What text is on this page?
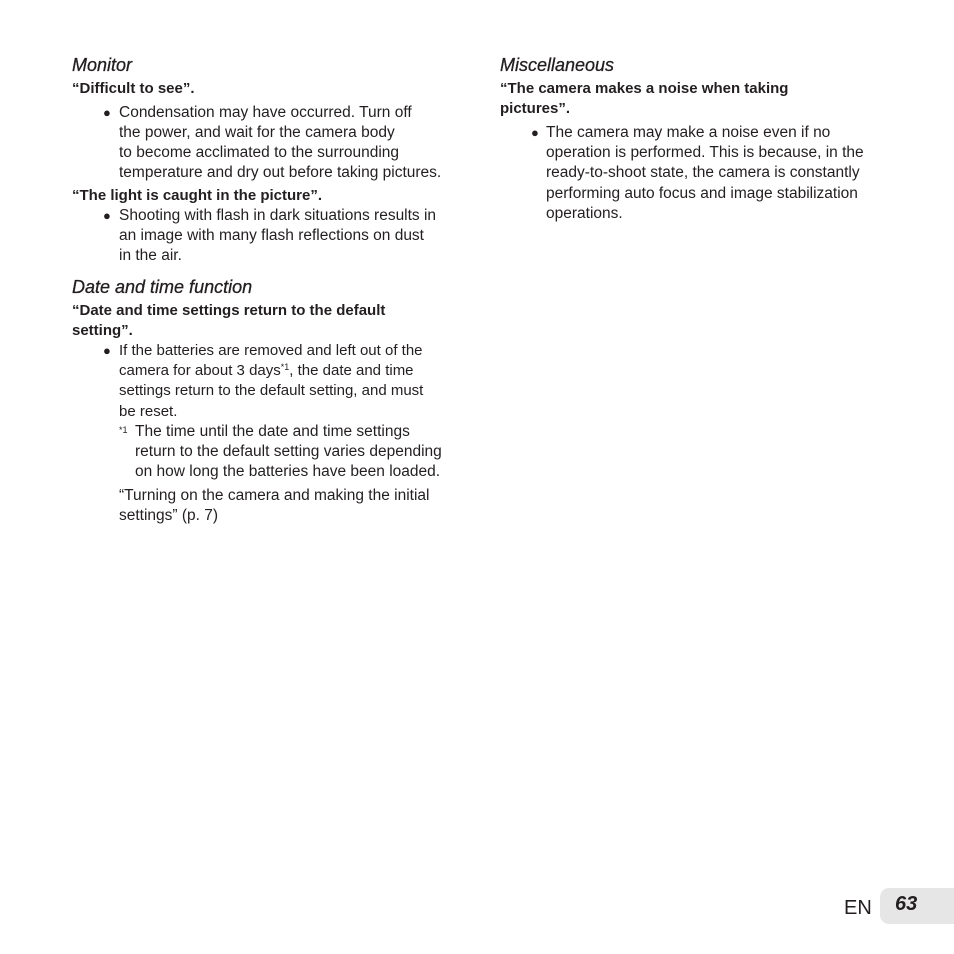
Monitor

“Difficult to see”.

● Condensation may have occurred. Turn off

the power, and wait for the camera body

to become acclimated to the surrounding

temperature and dry out before taking pictures.

“The light is caught in the picture”.

● Shooting with flash in dark situations results in

an image with many flash reflections on dust

in the air.

Date and time function

“Date and time settings return to the default

setting”.

● If the batteries are removed and left out of the

camera for about 3 days$^{*1}$, the date and time

settings return to the default setting, and must

be reset.

*1 The time until the date and time settings

return to the default setting varies depending

on how long the batteries have been loaded.

“Turning on the camera and making the initial

settings” (p. 7)

Miscellaneous

“The camera makes a noise when taking

pictures”.

● The camera may make a noise even if no

operation is performed. This is because, in the

ready-to-shoot state, the camera is constantly

performing auto focus and image stabilization

operations.

EN 63
